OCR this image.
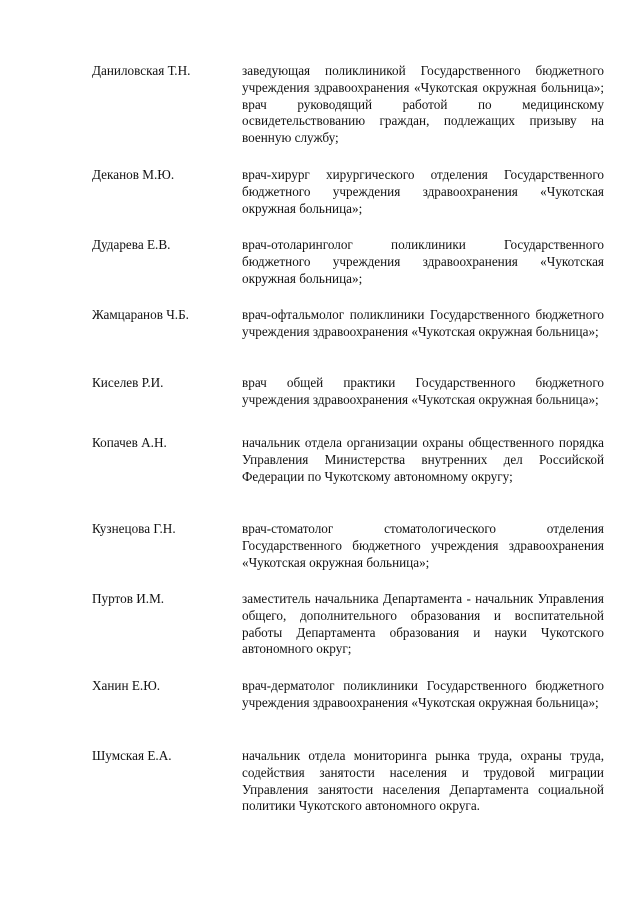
Даниловская Т.Н.	заведующая поликлиникой Государственного бюджетного учреждения здравоохранения «Чукотская окружная больница»; врач руководящий работой по медицинскому освидетельствованию граждан, подлежащих призыву на военную службу;
Деканов М.Ю.	врач-хирург хирургического отделения Государственного бюджетного учреждения здравоохранения «Чукотская окружная больница»;
Дударева Е.В.	врач-отоларинголог поликлиники Государственного бюджетного учреждения здравоохранения «Чукотская окружная больница»;
Жамцаранов Ч.Б.	врач-офтальмолог поликлиники Государственного бюджетного учреждения здравоохранения «Чукотская окружная больница»;
Киселев Р.И.	врач общей практики Государственного бюджетного учреждения здравоохранения «Чукотская окружная больница»;
Копачев А.Н.	начальник отдела организации охраны общественного порядка Управления Министерства внутренних дел Российской Федерации по Чукотскому автономному округу;
Кузнецова Г.Н.	врач-стоматолог стоматологического отделения Государственного бюджетного учреждения здравоохранения «Чукотская окружная больница»;
Пуртов И.М.	заместитель начальника Департамента - начальник Управления общего, дополнительного образования и воспитательной работы Департамента образования и науки Чукотского автономного округ;
Ханин Е.Ю.	врач-дерматолог поликлиники Государственного бюджетного учреждения здравоохранения «Чукотская окружная больница»;
Шумская Е.А.	начальник отдела мониторинга рынка труда, охраны труда, содействия занятости населения и трудовой миграции Управления занятости населения Департамента социальной политики Чукотского автономного округа.
